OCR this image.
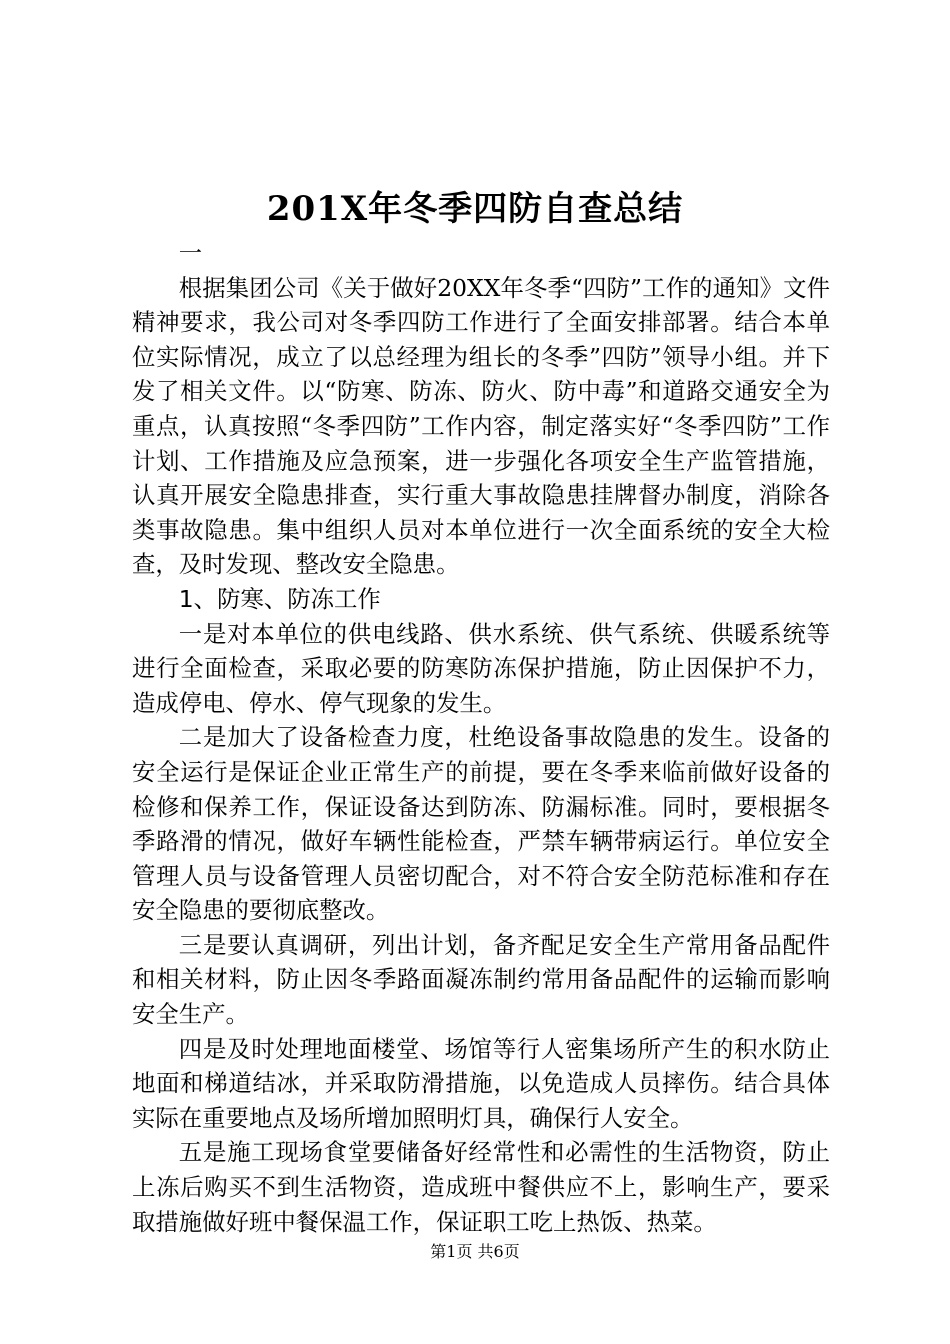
201X年冬季四防自查总结

一

根据集团公司《关于做好20XX年冬季“四防”工作的通知》文件精神要求，我公司对冬季四防工作进行了全面安排部署。结合本单位实际情况，成立了以总经理为组长的冬季”四防”领导小组。并下发了相关文件。以“防寒、防冻、防火、防中毒”和道路交通安全为重点，认真按照“冬季四防”工作内容，制定落实好“冬季四防”工作计划、工作措施及应急预案，进一步强化各项安全生产监管措施，认真开展安全隐患排查，实行重大事故隐患挂牌督办制度，消除各类事故隐患。集中组织人员对本单位进行一次全面系统的安全大检查，及时发现、整改安全隐患。

1、防寒、防冻工作

一是对本单位的供电线路、供水系统、供气系统、供暖系统等进行全面检查，采取必要的防寒防冻保护措施，防止因保护不力，造成停电、停水、停气现象的发生。

二是加大了设备检查力度，杜绝设备事故隐患的发生。设备的安全运行是保证企业正常生产的前提，要在冬季来临前做好设备的检修和保养工作，保证设备达到防冻、防漏标准。同时，要根据冬季路滑的情况，做好车辆性能检查，严禁车辆带病运行。单位安全管理人员与设备管理人员密切配合，对不符合安全防范标准和存在安全隐患的要彻底整改。

三是要认真调研，列出计划，备齐配足安全生产常用备品配件和相关材料，防止因冬季路面凝冻制约常用备品配件的运输而影响安全生产。

四是及时处理地面楼堂、场馆等行人密集场所产生的积水防止地面和梯道结冰，并采取防滑措施，以免造成人员摔伤。结合具体实际在重要地点及场所增加照明灯具，确保行人安全。

五是施工现场食堂要储备好经常性和必需性的生活物资，防止上冻后购买不到生活物资，造成班中餐供应不上，影响生产，要采取措施做好班中餐保温工作，保证职工吃上热饭、热菜。

第1页 共6页
